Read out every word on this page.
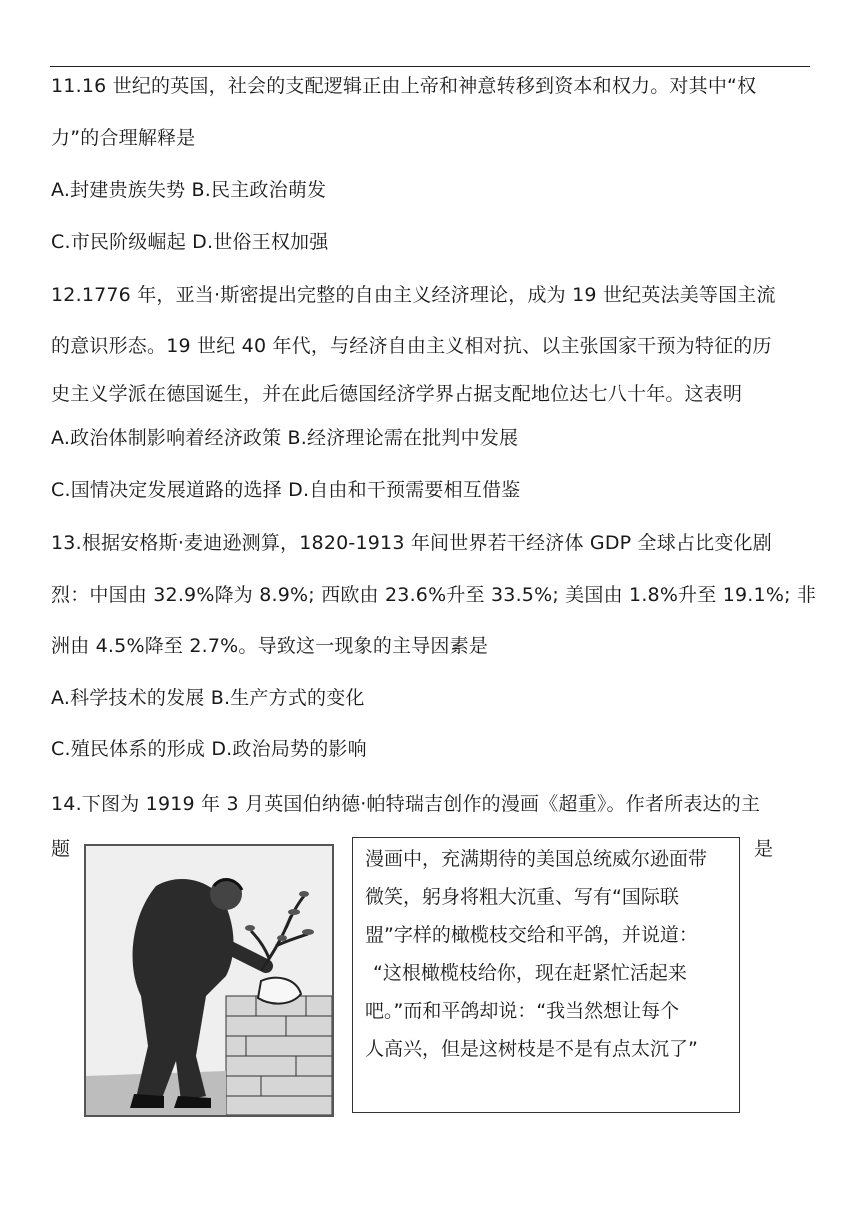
11.16 世纪的英国，社会的支配逻辑正由上帝和神意转移到资本和权力。对其中“权
力”的合理解释是
A.封建贵族失势 B.民主政治萌发
C.市民阶级崛起 D.世俗王权加强
12.1776 年，亚当·斯密提出完整的自由主义经济理论，成为 19 世纪英法美等国主流
的意识形态。19 世纪 40 年代，与经济自由主义相对抗、以主张国家干预为特征的历
史主义学派在德国诞生，并在此后德国经济学界占据支配地位达七八十年。这表明
A.政治体制影响着经济政策 B.经济理论需在批判中发展
C.国情决定发展道路的选择 D.自由和干预需要相互借鉴
13.根据安格斯·麦迪逊测算，1820-1913 年间世界若干经济体 GDP 全球占比变化剧
烈：中国由 32.9%降为 8.9%; 西欧由 23.6%升至 33.5%; 美国由 1.8%升至 19.1%; 非
洲由 4.5%降至 2.7%。导致这一现象的主导因素是
A.科学技术的发展 B.生产方式的变化
C.殖民体系的形成 D.政治局势的影响
14.下图为 1919 年 3 月英国伯纳德·帕特瑞吉创作的漫画《超重》。作者所表达的主
题	是
漫画中，充满期待的美国总统威尔逊面带
微笑，躬身将粗大沉重、写有“国际联
盟”字样的橄榄枝交给和平鸽，并说道：
“这根橄榄枝给你，现在赶紧忙活起来
吧。”而和平鸽却说：“我当然想让每个
人高兴，但是这树枝是不是有点太沉了”
